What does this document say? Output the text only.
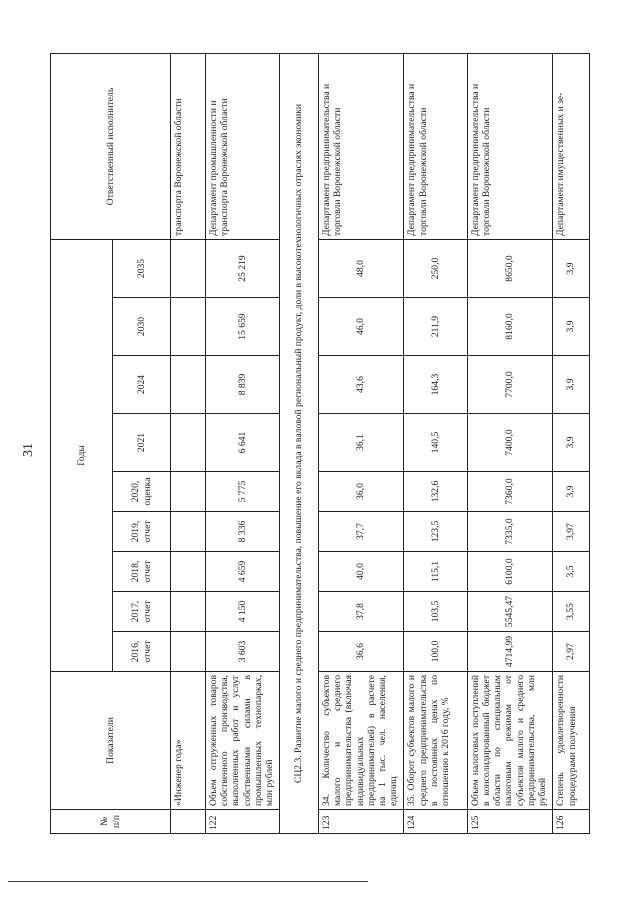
31
№ п/п	Показатели	Годы									Ответственный исполнитель
		2016, отчет	2017, отчет	2018, отчет	2019, отчет	2020, оценка	2021	2024	2030	2035	
	«Инженер года»										транспорта Воронежской области
122	Объем отгруженных товаров собственного производства, выполненных работ и услуг собственными силами в промышленных технопарках, млн рублей	3 603	4 150	4 659	8 336	5 775	6 641	8 839	15 659	25 219	Департамент промышленности и транспорта Воронежской области
СЦ2.3. Развитие малого и среднего предпринимательства, повышение его вклада в валовой региональный продукт, доли в высокотехнологичных отраслях экономики											
123	34. Количество субъектов малого и среднего предпринимательства (включая индивидуальных предпринимателей) в расчете на 1 тыс. чел. населения, единиц	36,6	37,8	40,0	37,7	36,0	36,1	43,6	46,0	48,0	Департамент предпринимательства и торговли Воронежской области
124	35. Оборот субъектов малого и среднего предпринимательства в постоянных ценах по отношению к 2016 году, %	100,0	103,5	115,1	123,5	132,6	140,5	164,3	211,9	250,0	Департамент предпринимательства и торговли Воронежской области
125	Объем налоговых поступлений в консолидированный бюджет области по специальным налоговым режимам от субъектов малого и среднего предпринимательства, млн рублей	4714,99	5545,47	6100,0	7335,0	7360,0	7400,0	7700,0	8160,0	8650,0	Департамент предпринимательства и торговли Воронежской области
126	Степень удовлетворенности процедурами получения	2,97	3,55	3,5	3,97	3,9	3,9	3,9	3,9	3,9	Департамент имущественных и зе-
